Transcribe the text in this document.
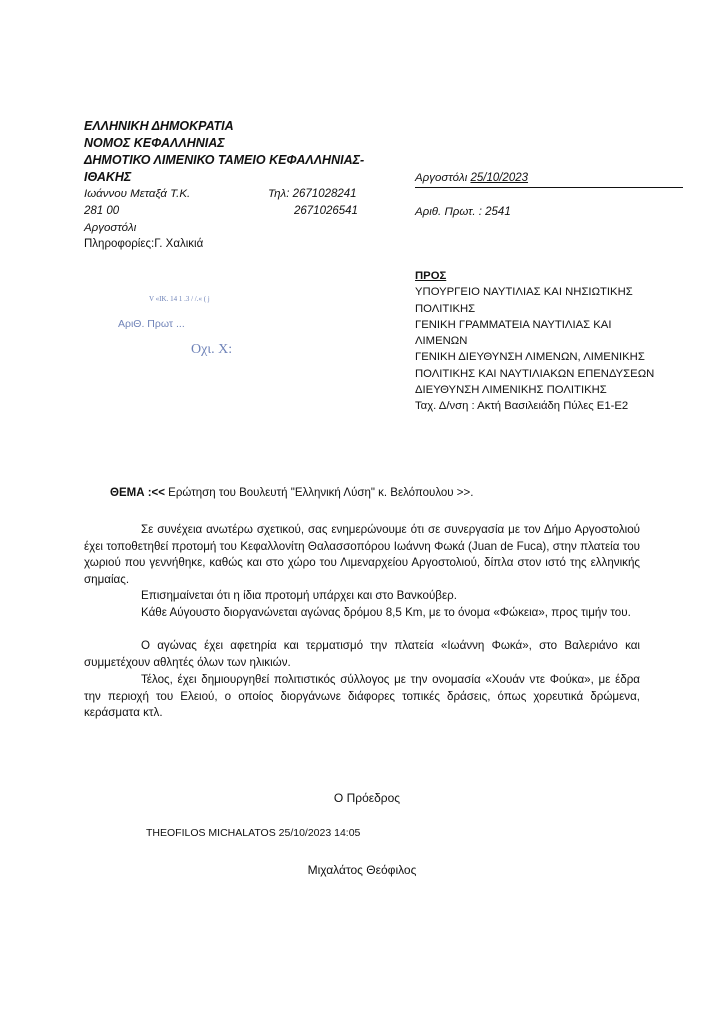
ΕΛΛΗΝΙΚΗ ΔΗΜΟΚΡΑΤΙΑ
ΝΟΜΟΣ ΚΕΦΑΛΛΗΝΙΑΣ
ΔΗΜΟΤΙΚΟ ΛΙΜΕΝΙΚΟ ΤΑΜΕΙΟ ΚΕΦΑΛΛΗΝΙΑΣ-
ΙΘΑΚΗΣ
Ιωάννου Μεταξά Τ.Κ.
281 00
Αργοστόλι
Πληροφορίες:Γ. Χαλικιά
Τηλ: 2671028241
2671026541
Αργοστόλι 25/10/2023
Αριθ. Πρωτ. : 2541
V «ΙΚ. 14 1 .3 / /.« ( j
ΑριΘ. Πρωτ ...
Οχι. X:
ΠΡΟΣ
ΥΠΟΥΡΓΕΙΟ ΝΑΥΤΙΛΙΑΣ ΚΑΙ ΝΗΣΙΩΤΙΚΗΣ
ΠΟΛΙΤΙΚΗΣ
ΓΕΝΙΚΗ ΓΡΑΜΜΑΤΕΙΑ ΝΑΥΤΙΛΙΑΣ ΚΑΙ
ΛΙΜΕΝΩΝ
ΓΕΝΙΚΗ ΔΙΕΥΘΥΝΣΗ ΛΙΜΕΝΩΝ, ΛΙΜΕΝΙΚΗΣ
ΠΟΛΙΤΙΚΗΣ ΚΑΙ ΝΑΥΤΙΛΙΑΚΩΝ ΕΠΕΝΔΥΣΕΩΝ
ΔΙΕΥΘΥΝΣΗ ΛΙΜΕΝΙΚΗΣ ΠΟΛΙΤΙΚΗΣ
Ταχ. Δ/νση : Ακτή Βασιλειάδη Πύλες Ε1-Ε2
ΘΕΜΑ :<< Ερώτηση του Βουλευτή "Ελληνική Λύση" κ. Βελόπουλου >>.
Σε συνέχεια ανωτέρω σχετικού, σας ενημερώνουμε ότι σε συνεργασία με τον Δήμο Αργοστολιού έχει τοποθετηθεί προτομή του Κεφαλλονίτη Θαλασσοπόρου Ιωάννη Φωκά (Juan de Fuca), στην πλατεία του χωριού που γεννήθηκε, καθώς και στο χώρο του Λιμεναρχείου Αργοστολιού, δίπλα στον ιστό της ελληνικής σημαίας.
Επισημαίνεται ότι η ίδια προτομή υπάρχει και στο Βανκούβερ.
Κάθε Αύγουστο διοργανώνεται αγώνας δρόμου 8,5 Km, με το όνομα «Φώκεια», προς τιμήν του.
Ο αγώνας έχει αφετηρία και τερματισμό την πλατεία «Ιωάννη Φωκά», στο Βαλεριάνο και συμμετέχουν αθλητές όλων των ηλικιών.
Τέλος, έχει δημιουργηθεί πολιτιστικός σύλλογος με την ονομασία «Χουάν ντε Φούκα», με έδρα την περιοχή του Ελειού, ο οποίος διοργάνωνε διάφορες τοπικές δράσεις, όπως χορευτικά δρώμενα, κεράσματα κτλ.
Ο Πρόεδρος
THEOFILOS MICHALATOS 25/10/2023 14:05
Μιχαλάτος Θεόφιλος
